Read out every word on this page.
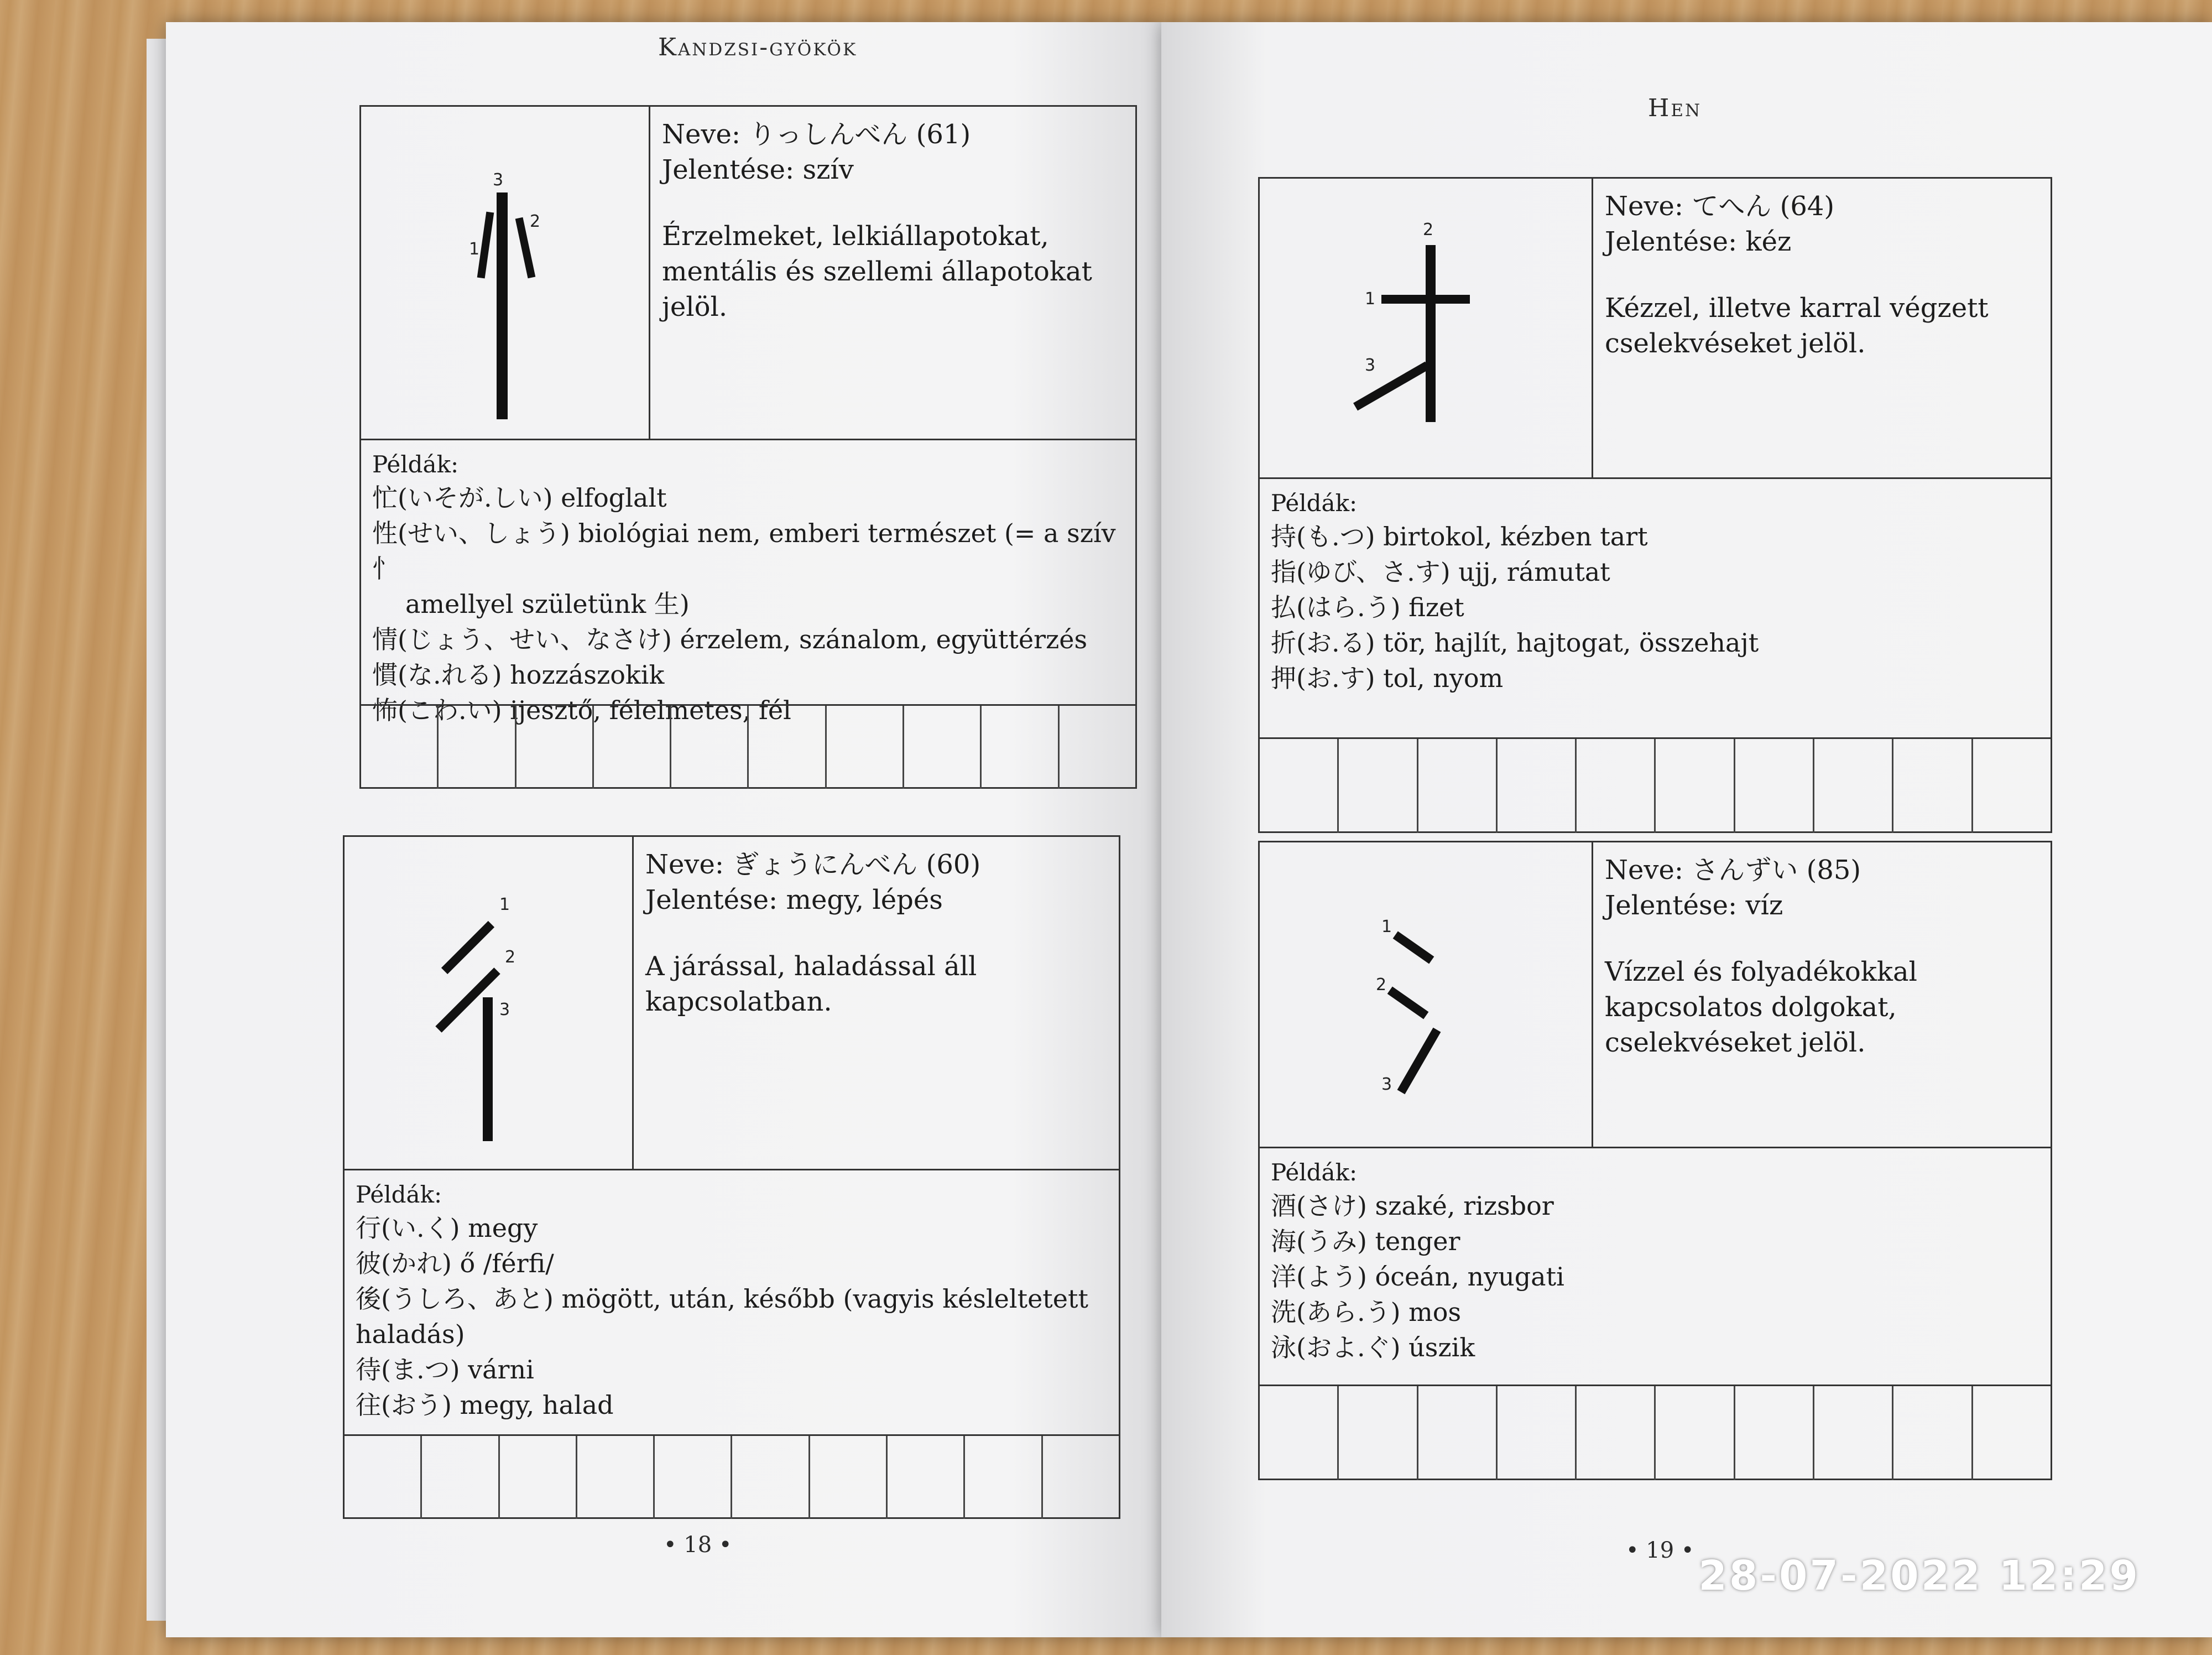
Kandzsi-gyökök
1
2
3
Neve: りっしんべん (61)
Jelentése: szív
Érzelmeket, lelkiállapotokat, mentális és szellemi állapotokat jelöl.
Példák:
忙(いそが.しい) elfoglalt
性(せい、しょう) biológiai nem, emberi természet (= a szív 忄
amellyel születünk 生)
情(じょう、せい、なさけ) érzelem, szánalom, együttérzés
慣(な.れる) hozzászokik
怖(こわ.い) ijesztő, félelmetes, fél
1
2
3
Neve: ぎょうにんべん (60)
Jelentése: megy, lépés
A járással, haladással áll kapcsolatban.
Példák:
行(い.く) megy
彼(かれ) ő /férfi/
後(うしろ、あと) mögött, után, később (vagyis késleltetett haladás)
待(ま.つ) várni
往(おう) megy, halad
• 18 •
Hen
1
2
3
Neve: てへん (64)
Jelentése: kéz
Kézzel, illetve karral végzett cselekvéseket jelöl.
Példák:
持(も.つ) birtokol, kézben tart
指(ゆび、さ.す) ujj, rámutat
払(はら.う) fizet
折(お.る) tör, hajlít, hajtogat, összehajt
押(お.す) tol, nyom
1
2
3
Neve: さんずい (85)
Jelentése: víz
Vízzel és folyadékokkal kapcsolatos dolgokat, cselekvéseket jelöl.
Példák:
酒(さけ) szaké, rizsbor
海(うみ) tenger
洋(よう) óceán, nyugati
洗(あら.う) mos
泳(およ.ぐ) úszik
• 19 •
28-07-2022 12:29
